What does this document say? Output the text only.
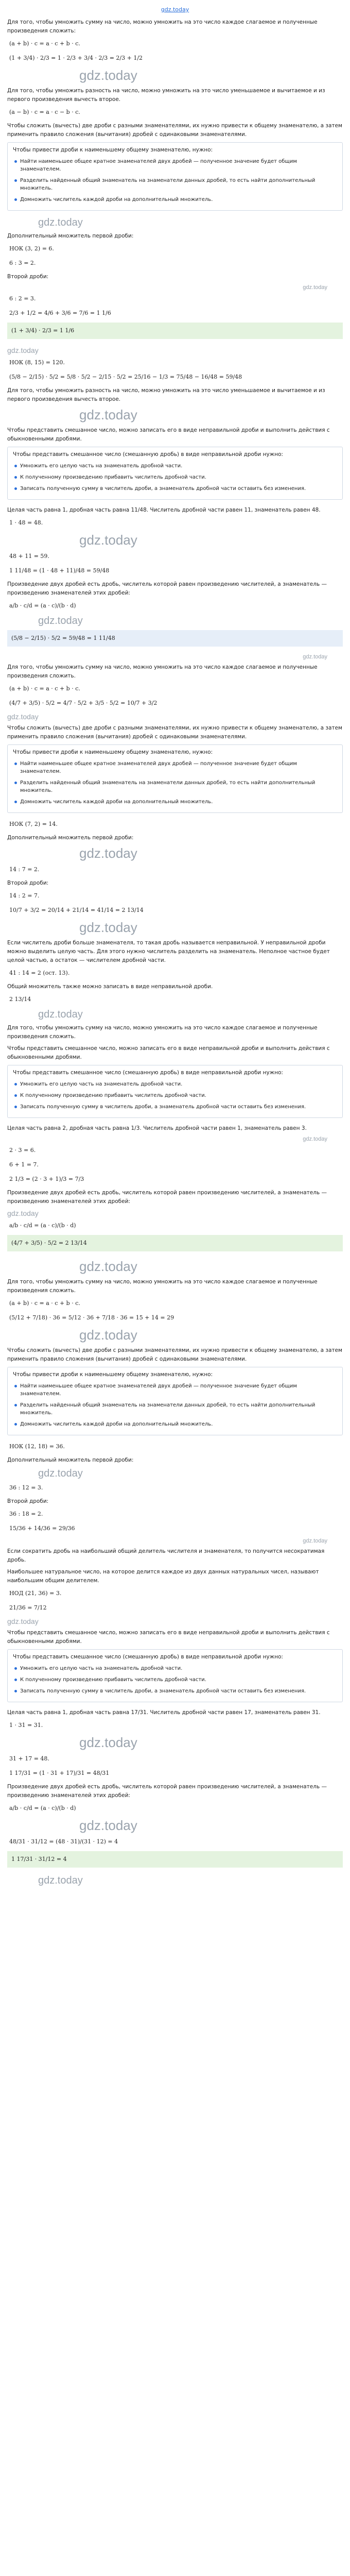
gdz.today
Для того, чтобы умножить сумму на число, можно умножить на это число каждое слагаемое и полученные произведения сложить:
(a + b) · c = a · c + b · c.
(1 + 3/4) · 2/3 = 1 · 2/3 + 3/4 · 2/3 = 2/3 + 1/2
gdz.today
Для того, чтобы умножить разность на число, можно умножить на это число уменьшаемое и вычитаемое и из первого произведения вычесть второе.
(a − b) · c = a · c − b · c.
Чтобы сложить (вычесть) две дроби с разными знаменателями, их нужно привести к общему знаменателю, а затем применить правило сложения (вычитания) дробей с одинаковыми знаменателями.
Чтобы привести дроби к наименьшему общему знаменателю, нужно:
Найти наименьшее общее кратное знаменателей двух дробей — полученное значение будет общим знаменателем.
Разделить найденный общий знаменатель на знаменатели данных дробей, то есть найти дополнительный множитель.
Домножить числитель каждой дроби на дополнительный множитель.
gdz.today
Дополнительный множитель первой дроби:
НОК (3, 2) = 6.
6 : 3 = 2.
Второй дроби:
gdz.today
6 : 2 = 3.
2/3 + 1/2 = 4/6 + 3/6 = 7/6 = 1 1/6
(1 + 3/4) · 2/3 = 1 1/6
gdz.today
НОК (8, 15) = 120.
(5/8 − 2/15) · 5/2 = 5/8 · 5/2 − 2/15 · 5/2 = 25/16 − 1/3 = 75/48 − 16/48 = 59/48
Для того, чтобы умножить разность на число, можно умножить на это число уменьшаемое и вычитаемое и из первого произведения вычесть второе.
gdz.today
Чтобы представить смешанное число, можно записать его в виде неправильной дроби и выполнить действия с обыкновенными дробями.
Чтобы представить смешанное число (смешанную дробь) в виде неправильной дроби нужно:
Умножить его целую часть на знаменатель дробной части.
К полученному произведению прибавить числитель дробной части.
Записать полученную сумму в числитель дроби, а знаменатель дробной части оставить без изменения.
Целая часть равна 1, дробная часть равна 11/48. Числитель дробной части равен 11, знаменатель равен 48.
1 · 48 = 48.
gdz.today
48 + 11 = 59.
1 11/48 = (1 · 48 + 11)/48 = 59/48
Произведение двух дробей есть дробь, числитель которой равен произведению числителей, а знаменатель — произведению знаменателей этих дробей:
a/b · c/d = (a · c)/(b · d)
gdz.today
(5/8 − 2/15) · 5/2 = 59/48 = 1 11/48
gdz.today
Для того, чтобы умножить сумму на число, можно умножить на это число каждое слагаемое и полученные произведения сложить.
(a + b) · c = a · c + b · c.
(4/7 + 3/5) · 5/2 = 4/7 · 5/2 + 3/5 · 5/2 = 10/7 + 3/2
gdz.today
Чтобы сложить (вычесть) две дроби с разными знаменателями, их нужно привести к общему знаменателю, а затем применить правило сложения (вычитания) дробей с одинаковыми знаменателями.
Чтобы привести дроби к наименьшему общему знаменателю, нужно:
Найти наименьшее общее кратное знаменателей двух дробей — полученное значение будет общим знаменателем.
Разделить найденный общий знаменатель на знаменатели данных дробей, то есть найти дополнительный множитель.
Домножить числитель каждой дроби на дополнительный множитель.
НОК (7, 2) = 14.
Дополнительный множитель первой дроби:
gdz.today
14 : 7 = 2.
Второй дроби:
14 : 2 = 7.
10/7 + 3/2 = 20/14 + 21/14 = 41/14 = 2 13/14
gdz.today
Если числитель дроби больше знаменателя, то такая дробь называется неправильной. У неправильной дроби можно выделить целую часть. Для этого нужно числитель разделить на знаменатель. Неполное частное будет целой частью, а остаток — числителем дробной части.
41 : 14 = 2 (ост. 13).
Общий множитель также можно записать в виде неправильной дроби.
2 13/14
gdz.today
Для того, чтобы умножить сумму на число, можно умножить на это число каждое слагаемое и полученные произведения сложить.
Чтобы представить смешанное число, можно записать его в виде неправильной дроби и выполнить действия с обыкновенными дробями.
Чтобы представить смешанное число (смешанную дробь) в виде неправильной дроби нужно:
Умножить его целую часть на знаменатель дробной части.
К полученному произведению прибавить числитель дробной части.
Записать полученную сумму в числитель дроби, а знаменатель дробной части оставить без изменения.
Целая часть равна 2, дробная часть равна 1/3. Числитель дробной части равен 1, знаменатель равен 3.
gdz.today
2 · 3 = 6.
6 + 1 = 7.
2 1/3 = (2 · 3 + 1)/3 = 7/3
Произведение двух дробей есть дробь, числитель которой равен произведению числителей, а знаменатель — произведению знаменателей этих дробей:
gdz.today
a/b · c/d = (a · c)/(b · d)
(4/7 + 3/5) · 5/2 = 2 13/14
gdz.today
Для того, чтобы умножить сумму на число, можно умножить на это число каждое слагаемое и полученные произведения сложить.
(a + b) · c = a · c + b · c.
(5/12 + 7/18) · 36 = 5/12 · 36 + 7/18 · 36 = 15 + 14 = 29
gdz.today
Чтобы сложить (вычесть) две дроби с разными знаменателями, их нужно привести к общему знаменателю, а затем применить правило сложения (вычитания) дробей с одинаковыми знаменателями.
Чтобы привести дроби к наименьшему общему знаменателю, нужно:
Найти наименьшее общее кратное знаменателей двух дробей — полученное значение будет общим знаменателем.
Разделить найденный общий знаменатель на знаменатели данных дробей, то есть найти дополнительный множитель.
Домножить числитель каждой дроби на дополнительный множитель.
НОК (12, 18) = 36.
Дополнительный множитель первой дроби:
gdz.today
36 : 12 = 3.
Второй дроби:
36 : 18 = 2.
15/36 + 14/36 = 29/36
gdz.today
Если сократить дробь на наибольший общий делитель числителя и знаменателя, то получится несократимая дробь.
Наибольшее натуральное число, на которое делится каждое из двух данных натуральных чисел, называют наибольшим общим делителем.
НОД (21, 36) = 3.
21/36 = 7/12
gdz.today
Чтобы представить смешанное число, можно записать его в виде неправильной дроби и выполнить действия с обыкновенными дробями.
Чтобы представить смешанное число (смешанную дробь) в виде неправильной дроби нужно:
Умножить его целую часть на знаменатель дробной части.
К полученному произведению прибавить числитель дробной части.
Записать полученную сумму в числитель дроби, а знаменатель дробной части оставить без изменения.
Целая часть равна 1, дробная часть равна 17/31. Числитель дробной части равен 17, знаменатель равен 31.
1 · 31 = 31.
gdz.today
31 + 17 = 48.
1 17/31 = (1 · 31 + 17)/31 = 48/31
Произведение двух дробей есть дробь, числитель которой равен произведению числителей, а знаменатель — произведению знаменателей этих дробей:
a/b · c/d = (a · c)/(b · d)
gdz.today
48/31 · 31/12 = (48 · 31)/(31 · 12) = 4
1 17/31 · 31/12 = 4
gdz.today
